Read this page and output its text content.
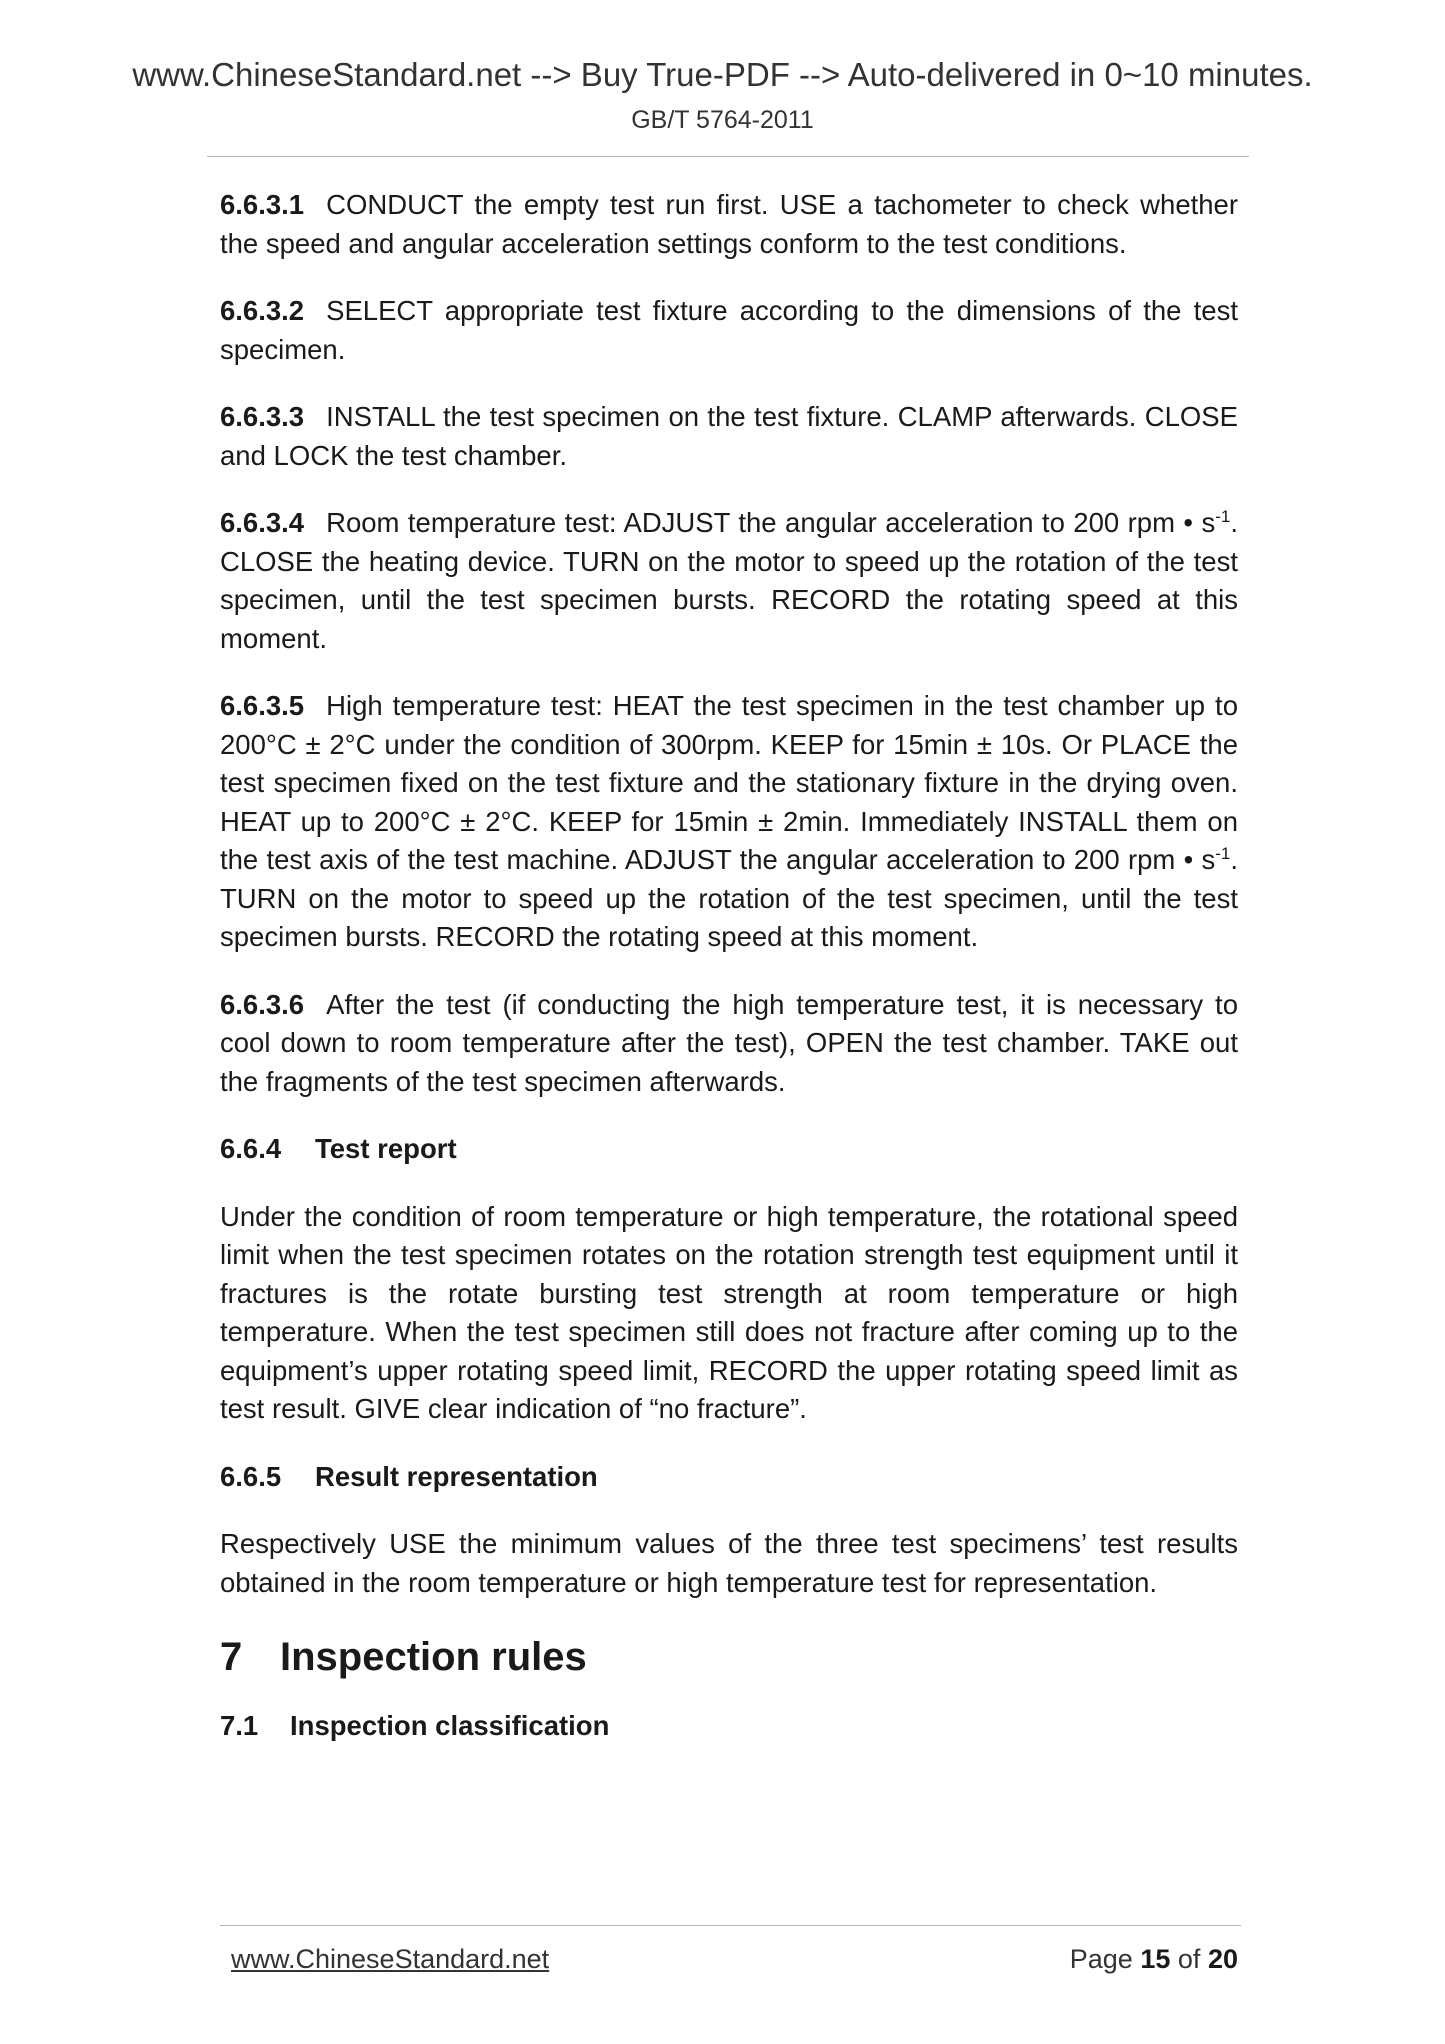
www.ChineseStandard.net --> Buy True-PDF --> Auto-delivered in 0~10 minutes.
GB/T 5764-2011

6.6.3.1 CONDUCT the empty test run first. USE a tachometer to check whether the speed and angular acceleration settings conform to the test conditions.

6.6.3.2 SELECT appropriate test fixture according to the dimensions of the test specimen.

6.6.3.3 INSTALL the test specimen on the test fixture. CLAMP afterwards. CLOSE and LOCK the test chamber.

6.6.3.4 Room temperature test: ADJUST the angular acceleration to 200 rpm • $s^{-1}$. CLOSE the heating device. TURN on the motor to speed up the rotation of the test specimen, until the test specimen bursts. RECORD the rotating speed at this moment.

6.6.3.5 High temperature test: HEAT the test specimen in the test chamber up to 200°C ± 2°C under the condition of 300rpm. KEEP for 15min ± 10s. Or PLACE the test specimen fixed on the test fixture and the stationary fixture in the drying oven. HEAT up to 200°C ± 2°C. KEEP for 15min ± 2min. Immediately INSTALL them on the test axis of the test machine. ADJUST the angular acceleration to 200 rpm • $s^{-1}$. TURN on the motor to speed up the rotation of the test specimen, until the test specimen bursts. RECORD the rotating speed at this moment.

6.6.3.6 After the test (if conducting the high temperature test, it is necessary to cool down to room temperature after the test), OPEN the test chamber. TAKE out the fragments of the test specimen afterwards.

6.6.4 Test report

Under the condition of room temperature or high temperature, the rotational speed limit when the test specimen rotates on the rotation strength test equipment until it fractures is the rotate bursting test strength at room temperature or high temperature. When the test specimen still does not fracture after coming up to the equipment’s upper rotating speed limit, RECORD the upper rotating speed limit as test result. GIVE clear indication of “no fracture”.

6.6.5 Result representation

Respectively USE the minimum values of the three test specimens’ test results obtained in the room temperature or high temperature test for representation.

7 Inspection rules
7.1 Inspection classification
www.ChineseStandard.net	Page 15 of 20
